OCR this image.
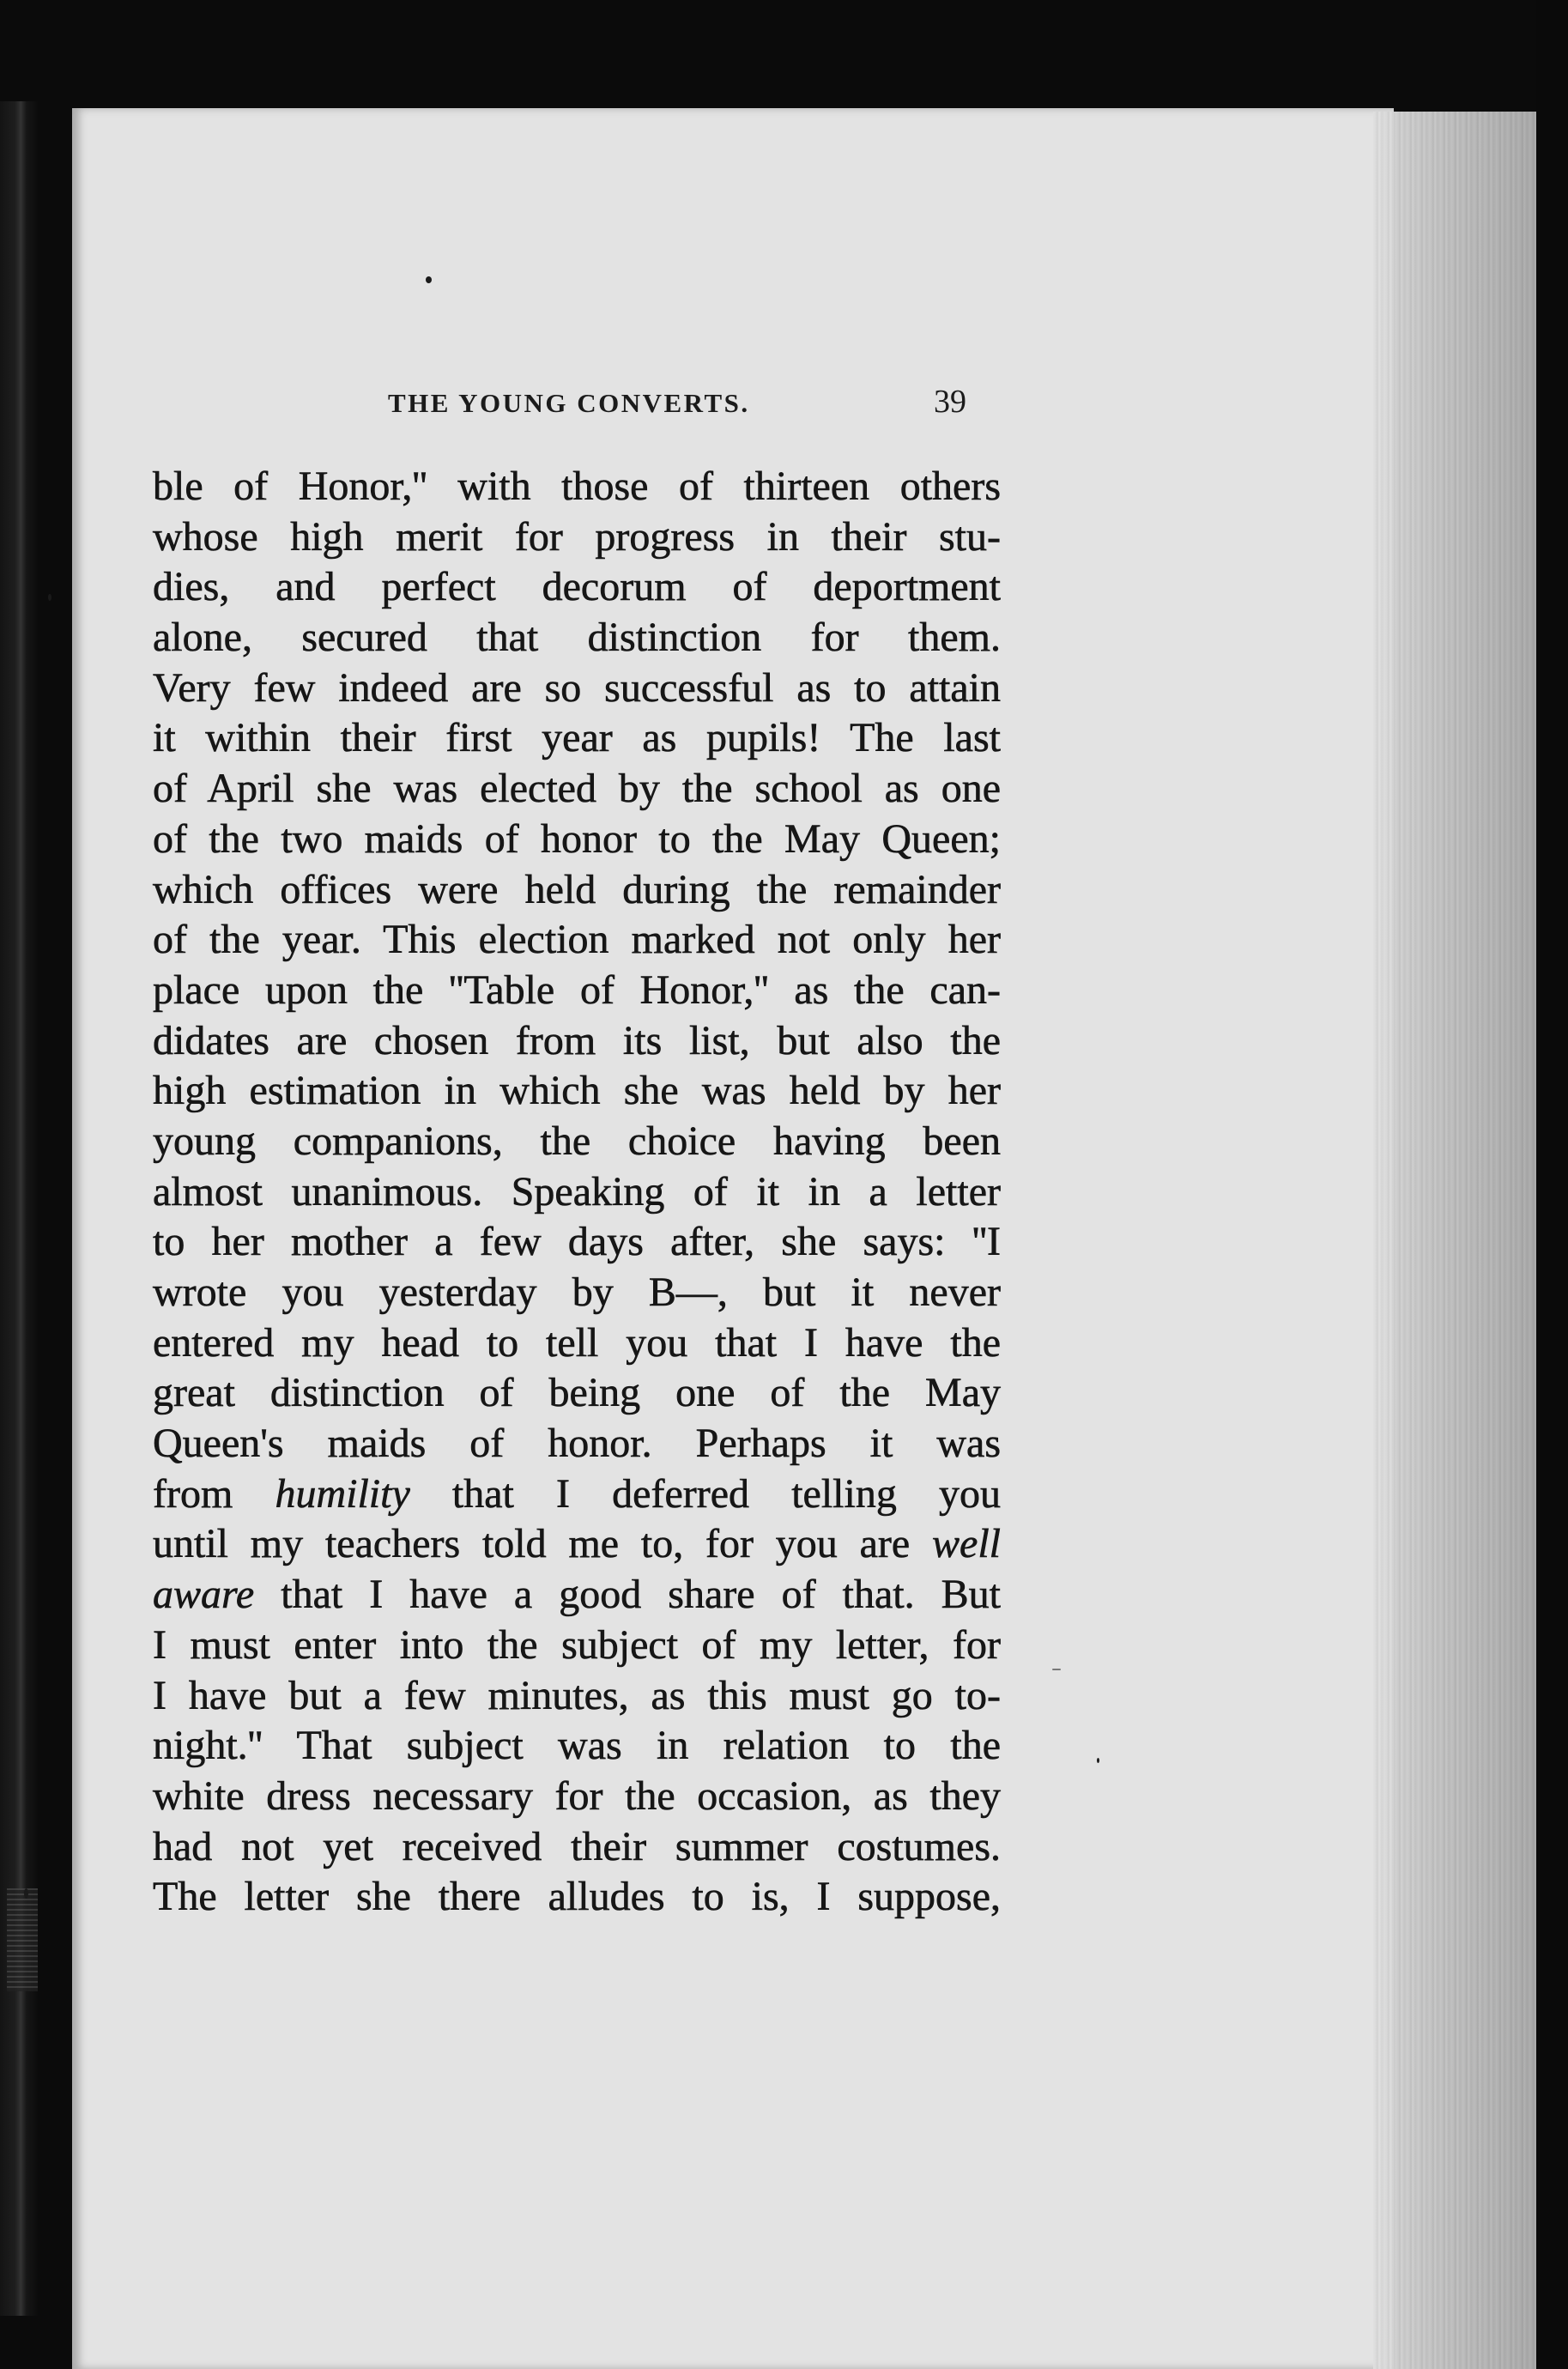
THE YOUNG CONVERTS.	39
ble of Honor,'' with those of thirteen others
whose high merit for progress in their stu-
dies, and perfect decorum of deportment
alone, secured that distinction for them.
Very few indeed are so successful as to attain
it within their first year as pupils! The last
of April she was elected by the school as one
of the two maids of honor to the May Queen;
which offices were held during the remainder
of the year. This election marked not only her
place upon the ''Table of Honor,'' as the can-
didates are chosen from its list, but also the
high estimation in which she was held by her
young companions, the choice having been
almost unanimous. Speaking of it in a letter
to her mother a few days after, she says: ''I
wrote you yesterday by B—, but it never
entered my head to tell you that I have the
great distinction of being one of the May
Queen's maids of honor. Perhaps it was
from humility that I deferred telling you
until my teachers told me to, for you are well
aware that I have a good share of that. But
I must enter into the subject of my letter, for
I have but a few minutes, as this must go to-
night.'' That subject was in relation to the
white dress necessary for the occasion, as they
had not yet received their summer costumes.
The letter she there alludes to is, I suppose,
